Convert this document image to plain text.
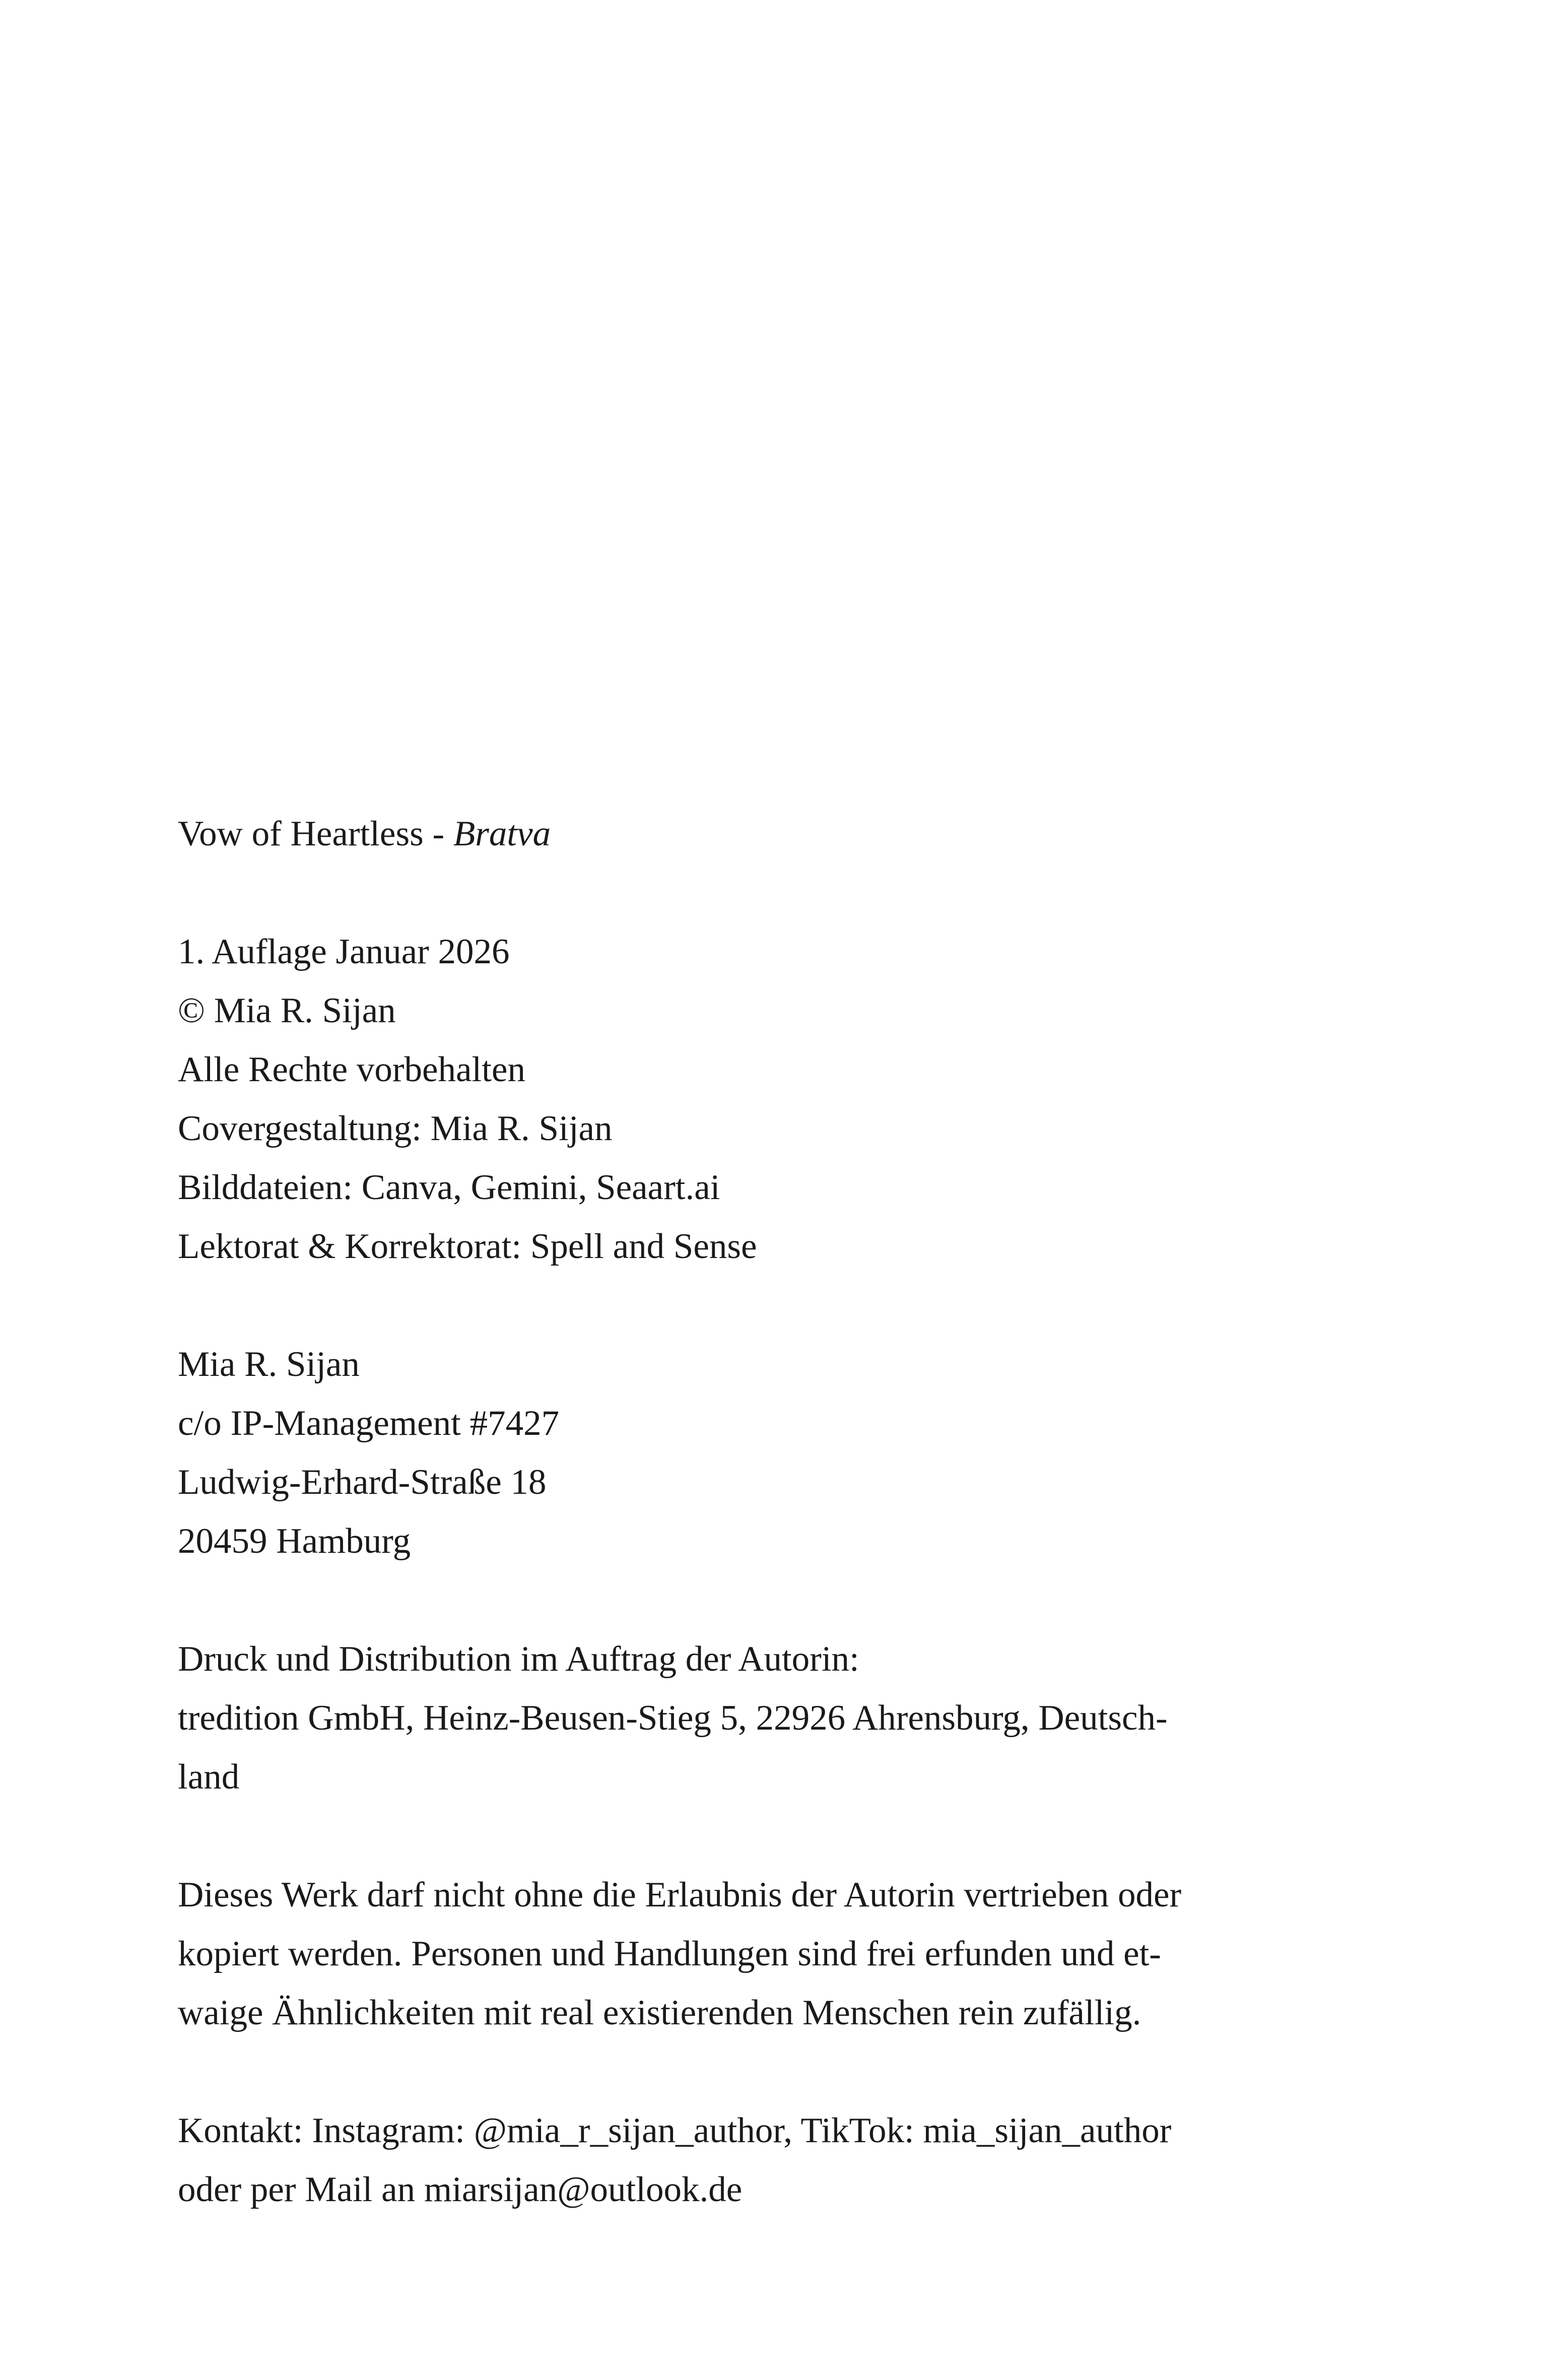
Vow of Heartless - Bratva
1. Auflage Januar 2026
© Mia R. Sijan
Alle Rechte vorbehalten
Covergestaltung: Mia R. Sijan
Bilddateien: Canva, Gemini, Seaart.ai
Lektorat & Korrektorat: Spell and Sense
Mia R. Sijan
c/o IP-Management #7427
Ludwig-Erhard-Straße 18
20459 Hamburg
Druck und Distribution im Auftrag der Autorin:
tredition GmbH, Heinz-Beusen-Stieg 5, 22926 Ahrensburg, Deutsch-
land
Dieses Werk darf nicht ohne die Erlaubnis der Autorin vertrieben oder
kopiert werden. Personen und Handlungen sind frei erfunden und et-
waige Ähnlichkeiten mit real existierenden Menschen rein zufällig.
Kontakt: Instagram: @mia_r_sijan_author, TikTok: mia_sijan_author
oder per Mail an miarsijan@outlook.de
